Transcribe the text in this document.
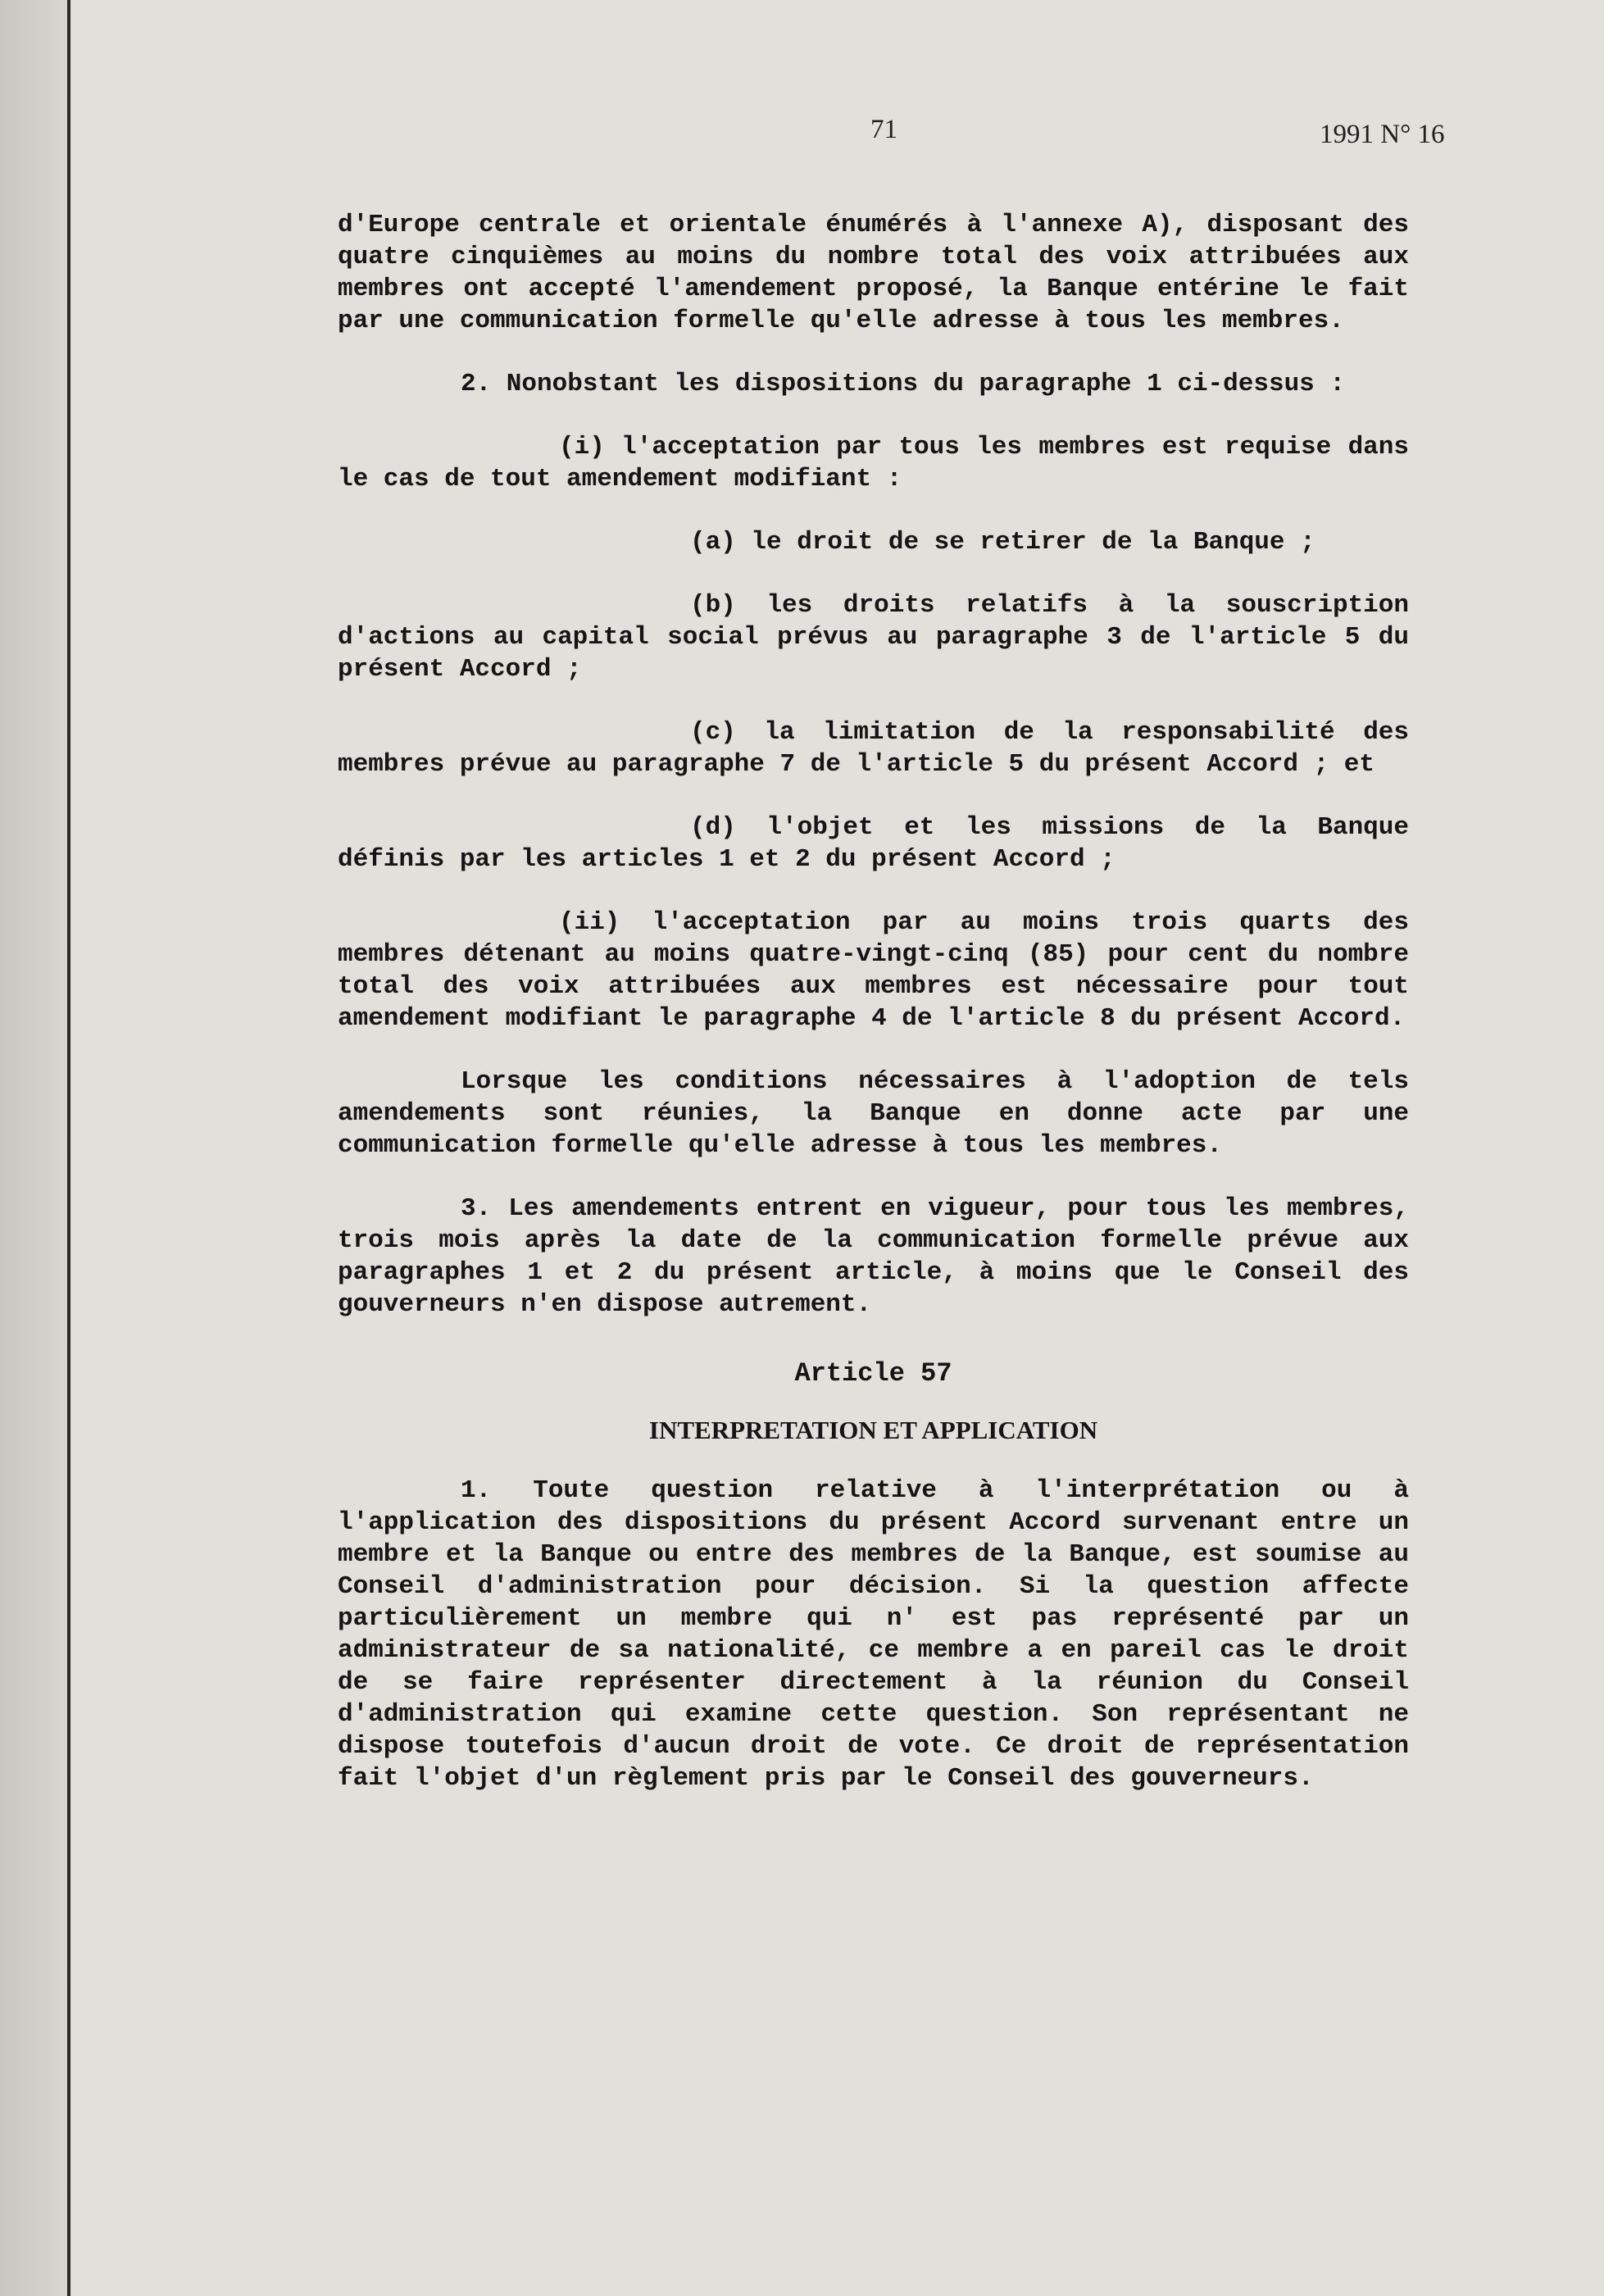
71	1991 N° 16

d'Europe centrale et orientale énumérés à l'annexe A), disposant des quatre cinquièmes au moins du nombre total des voix attribuées aux membres ont accepté l'amendement proposé, la Banque entérine le fait par une communication formelle qu'elle adresse à tous les membres.

2. Nonobstant les dispositions du paragraphe 1 ci-dessus :

(i) l'acceptation par tous les membres est requise dans le cas de tout amendement modifiant :

(a) le droit de se retirer de la Banque ;

(b) les droits relatifs à la souscription d'actions au capital social prévus au paragraphe 3 de l'article 5 du présent Accord ;

(c) la limitation de la responsabilité des membres prévue au paragraphe 7 de l'article 5 du présent Accord ; et

(d) l'objet et les missions de la Banque définis par les articles 1 et 2 du présent Accord ;

(ii) l'acceptation par au moins trois quarts des membres détenant au moins quatre-vingt-cinq (85) pour cent du nombre total des voix attribuées aux membres est nécessaire pour tout amendement modifiant le paragraphe 4 de l'article 8 du présent Accord.

Lorsque les conditions nécessaires à l'adoption de tels amendements sont réunies, la Banque en donne acte par une communication formelle qu'elle adresse à tous les membres.

3. Les amendements entrent en vigueur, pour tous les membres, trois mois après la date de la communication formelle prévue aux paragraphes 1 et 2 du présent article, à moins que le Conseil des gouverneurs n'en dispose autrement.

Article 57

INTERPRETATION ET APPLICATION

1. Toute question relative à l'interprétation ou à l'application des dispositions du présent Accord survenant entre un membre et la Banque ou entre des membres de la Banque, est soumise au Conseil d'administration pour décision. Si la question affecte particulièrement un membre qui n' est pas représenté par un administrateur de sa nationalité, ce membre a en pareil cas le droit de se faire représenter directement à la réunion du Conseil d'administration qui examine cette question. Son représentant ne dispose toutefois d'aucun droit de vote. Ce droit de représentation fait l'objet d'un règlement pris par le Conseil des gouverneurs.
